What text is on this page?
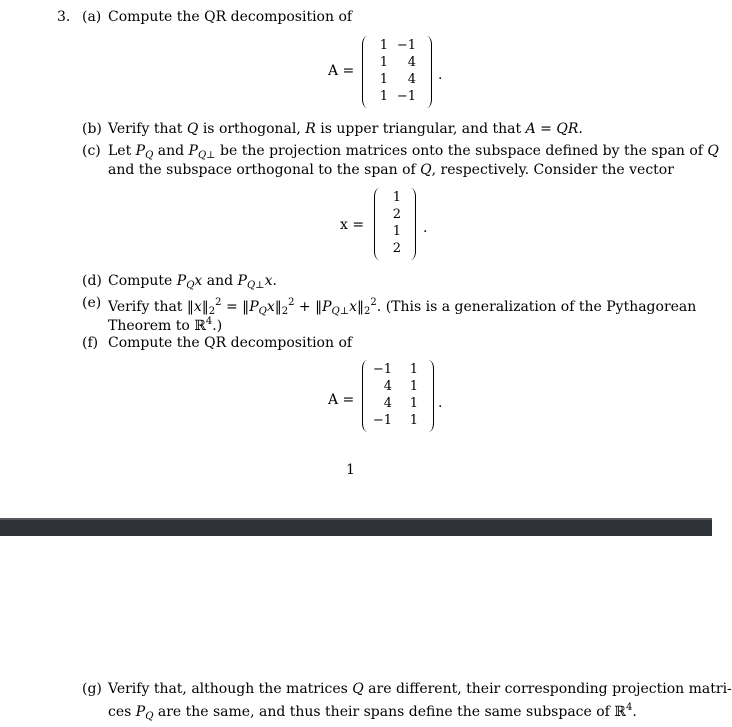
3. (a) Compute the QR decomposition of
A =
1 −1
1 4
1 4
1 −1
.
(b) Verify that Q is orthogonal, R is upper triangular, and that A = QR.
(c) Let $P_Q$ and $P_{Q\perp}$ be the projection matrices onto the subspace defined by the span of Q
and the subspace orthogonal to the span of Q, respectively. Consider the vector
x =
1
2
1
2
.
(d) Compute $P_Qx$ and $P_{Q\perp}x$.
(e) Verify that $‖x‖_2^2$ = $‖P_Qx‖_2^2$ + $‖P_{Q\perp}x‖_2^2$. (This is a generalization of the Pythagorean
Theorem to ℝ$^4$.)
(f) Compute the QR decomposition of
A =
−1 1
4 1
4 1
−1 1
.
1
(g) Verify that, although the matrices Q are different, their corresponding projection matri-
ces $P_Q$ are the same, and thus their spans define the same subspace of ℝ$^4$.
